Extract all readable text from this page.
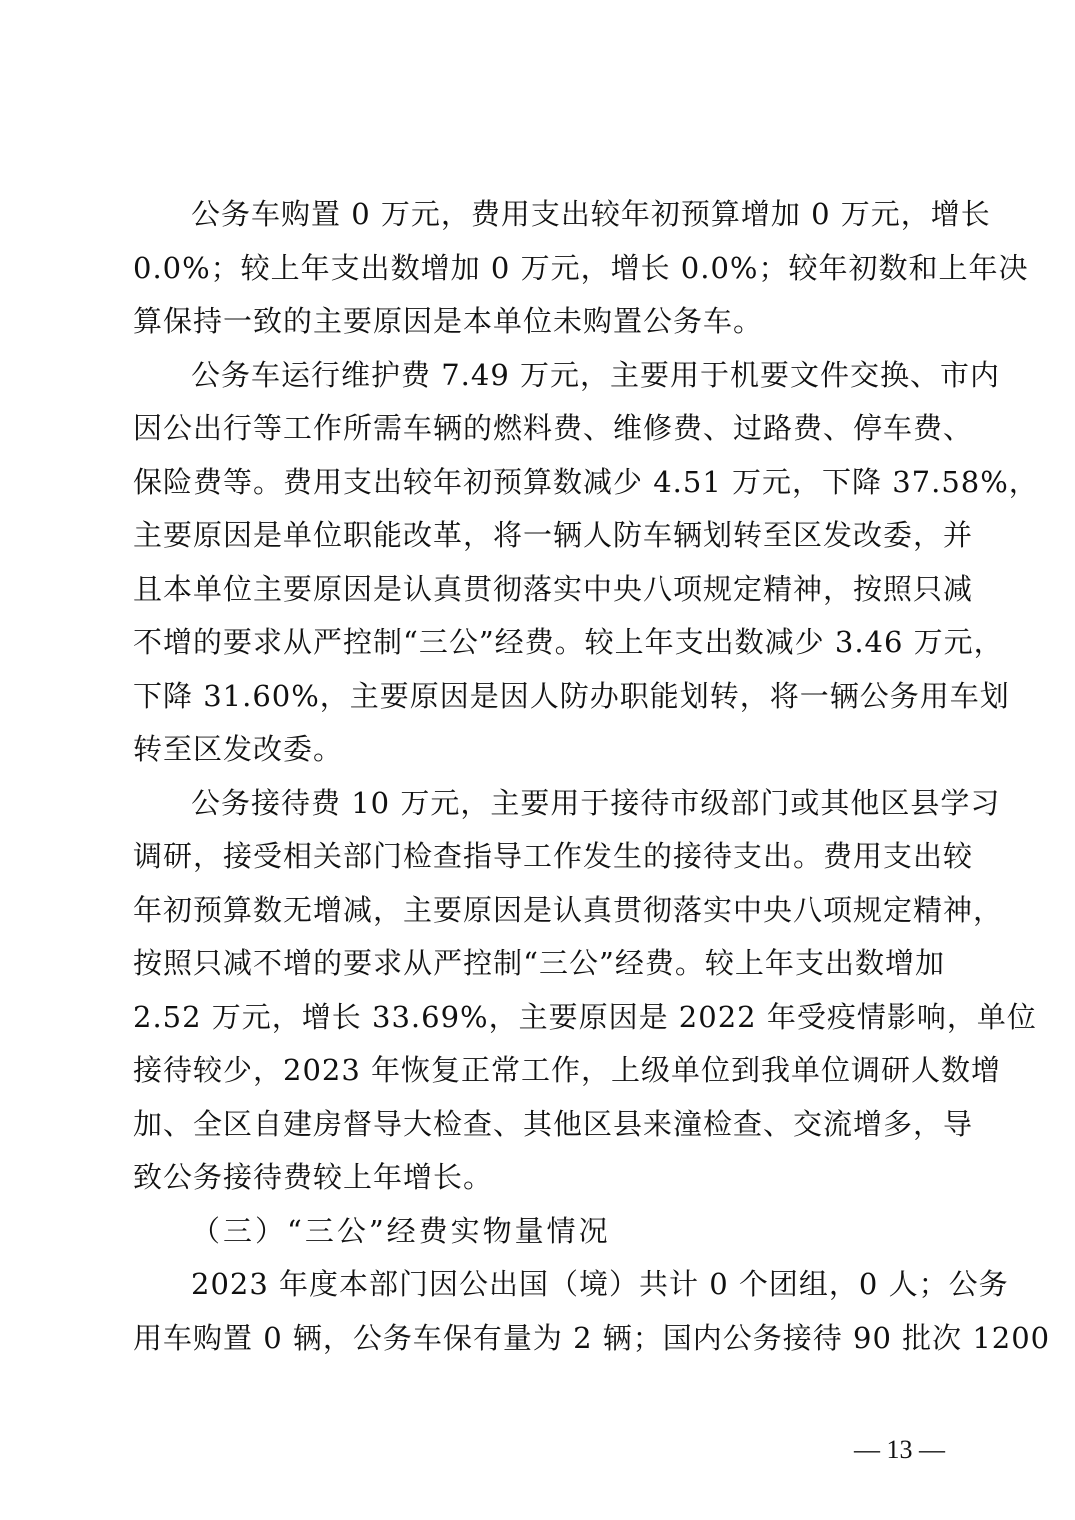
公务车购置 0 万元，费用支出较年初预算增加 0 万元，增长
0.0%；较上年支出数增加 0 万元，增长 0.0%；较年初数和上年决
算保持一致的主要原因是本单位未购置公务车。
公务车运行维护费 7.49 万元，主要用于机要文件交换、市内
因公出行等工作所需车辆的燃料费、维修费、过路费、停车费、
保险费等。费用支出较年初预算数减少 4.51 万元，下降 37.58%，
主要原因是单位职能改革，将一辆人防车辆划转至区发改委，并
且本单位主要原因是认真贯彻落实中央八项规定精神，按照只减
不增的要求从严控制“三公”经费。较上年支出数减少 3.46 万元，
下降 31.60%，主要原因是因人防办职能划转，将一辆公务用车划
转至区发改委。
公务接待费 10 万元，主要用于接待市级部门或其他区县学习
调研，接受相关部门检查指导工作发生的接待支出。费用支出较
年初预算数无增减，主要原因是认真贯彻落实中央八项规定精神，
按照只减不增的要求从严控制“三公”经费。较上年支出数增加
2.52 万元，增长 33.69%，主要原因是 2022 年受疫情影响，单位
接待较少，2023 年恢复正常工作，上级单位到我单位调研人数增
加、全区自建房督导大检查、其他区县来潼检查、交流增多，导
致公务接待费较上年增长。
（三）“三公”经费实物量情况
2023 年度本部门因公出国（境）共计 0 个团组，0 人；公务
用车购置 0 辆，公务车保有量为 2 辆；国内公务接待 90 批次 1200
— 13 —
